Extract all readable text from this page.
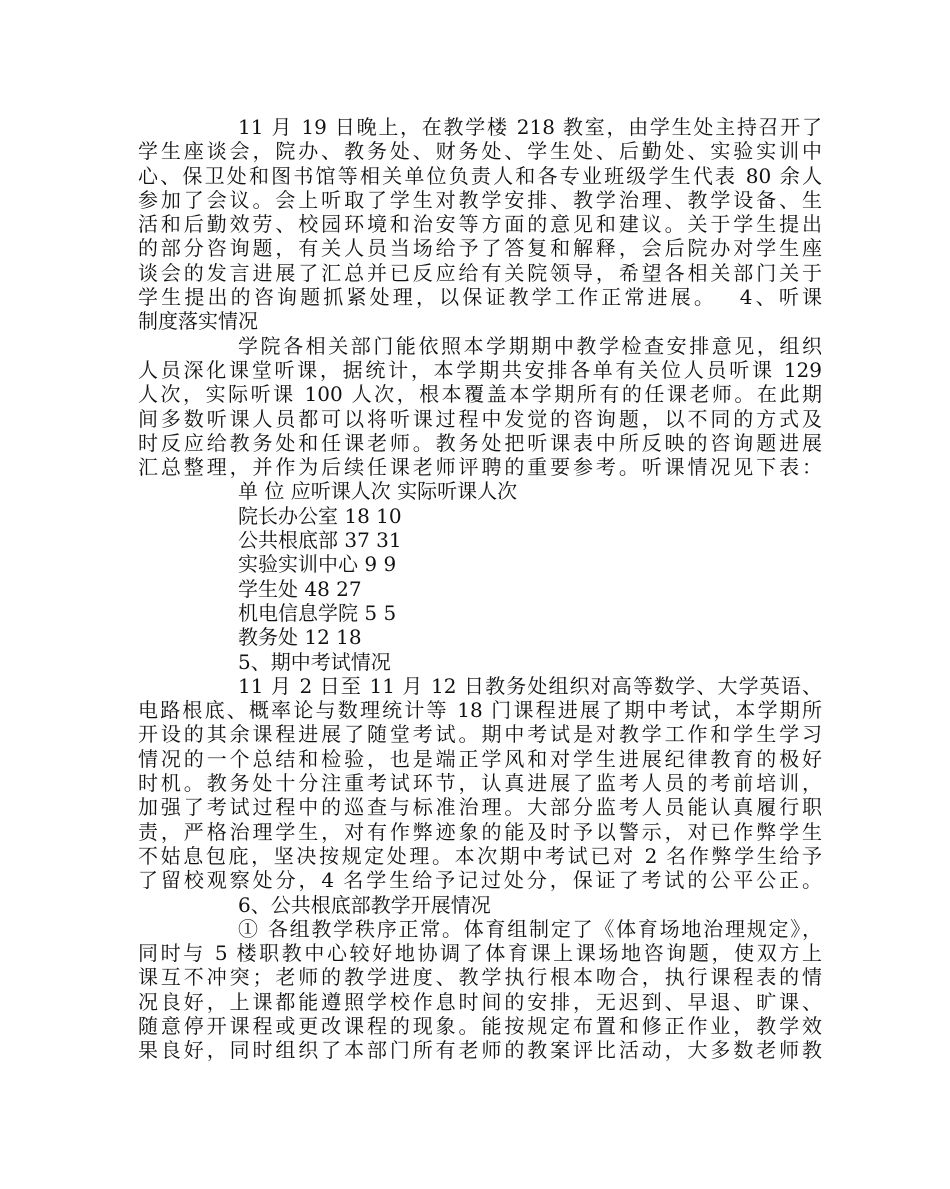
11 月 19 日晚上，在教学楼 218 教室，由学生处主持召开了
学生座谈会，院办、教务处、财务处、学生处、后勤处、实验实训中
心、保卫处和图书馆等相关单位负责人和各专业班级学生代表 80 余人
参加了会议。会上听取了学生对教学安排、教学治理、教学设备、生
活和后勤效劳、校园环境和治安等方面的意见和建议。关于学生提出
的部分咨询题，有关人员当场给予了答复和解释，会后院办对学生座
谈会的发言进展了汇总并已反应给有关院领导，希望各相关部门关于
学生提出的咨询题抓紧处理，以保证教学工作正常进展。　 4、听课
制度落实情况
学院各相关部门能依照本学期期中教学检查安排意见，组织
人员深化课堂听课，据统计，本学期共安排各单有关位人员听课 129
人次，实际听课 100 人次，根本覆盖本学期所有的任课老师。在此期
间多数听课人员都可以将听课过程中发觉的咨询题，以不同的方式及
时反应给教务处和任课老师。教务处把听课表中所反映的咨询题进展
汇总整理，并作为后续任课老师评聘的重要参考。听课情况见下表：
单 位 应听课人次 实际听课人次
院长办公室 18 10
公共根底部 37 31
实验实训中心 9 9
学生处 48 27
机电信息学院 5 5
教务处 12 18
5、期中考试情况
11 月 2 日至 11 月 12 日教务处组织对高等数学、大学英语、
电路根底、概率论与数理统计等 18 门课程进展了期中考试，本学期所
开设的其余课程进展了随堂考试。期中考试是对教学工作和学生学习
情况的一个总结和检验，也是端正学风和对学生进展纪律教育的极好
时机。教务处十分注重考试环节，认真进展了监考人员的考前培训，
加强了考试过程中的巡查与标准治理。大部分监考人员能认真履行职
责，严格治理学生，对有作弊迹象的能及时予以警示，对已作弊学生
不姑息包庇，坚决按规定处理。本次期中考试已对 2 名作弊学生给予
了留校观察处分，4 名学生给予记过处分，保证了考试的公平公正。
6、公共根底部教学开展情况
① 各组教学秩序正常。体育组制定了《体育场地治理规定》，
同时与 5 楼职教中心较好地协调了体育课上课场地咨询题，使双方上
课互不冲突；老师的教学进度、教学执行根本吻合，执行课程表的情
况良好，上课都能遵照学校作息时间的安排，无迟到、早退、旷课、
随意停开课程或更改课程的现象。能按规定布置和修正作业，教学效
果良好，同时组织了本部门所有老师的教案评比活动，大多数老师教
